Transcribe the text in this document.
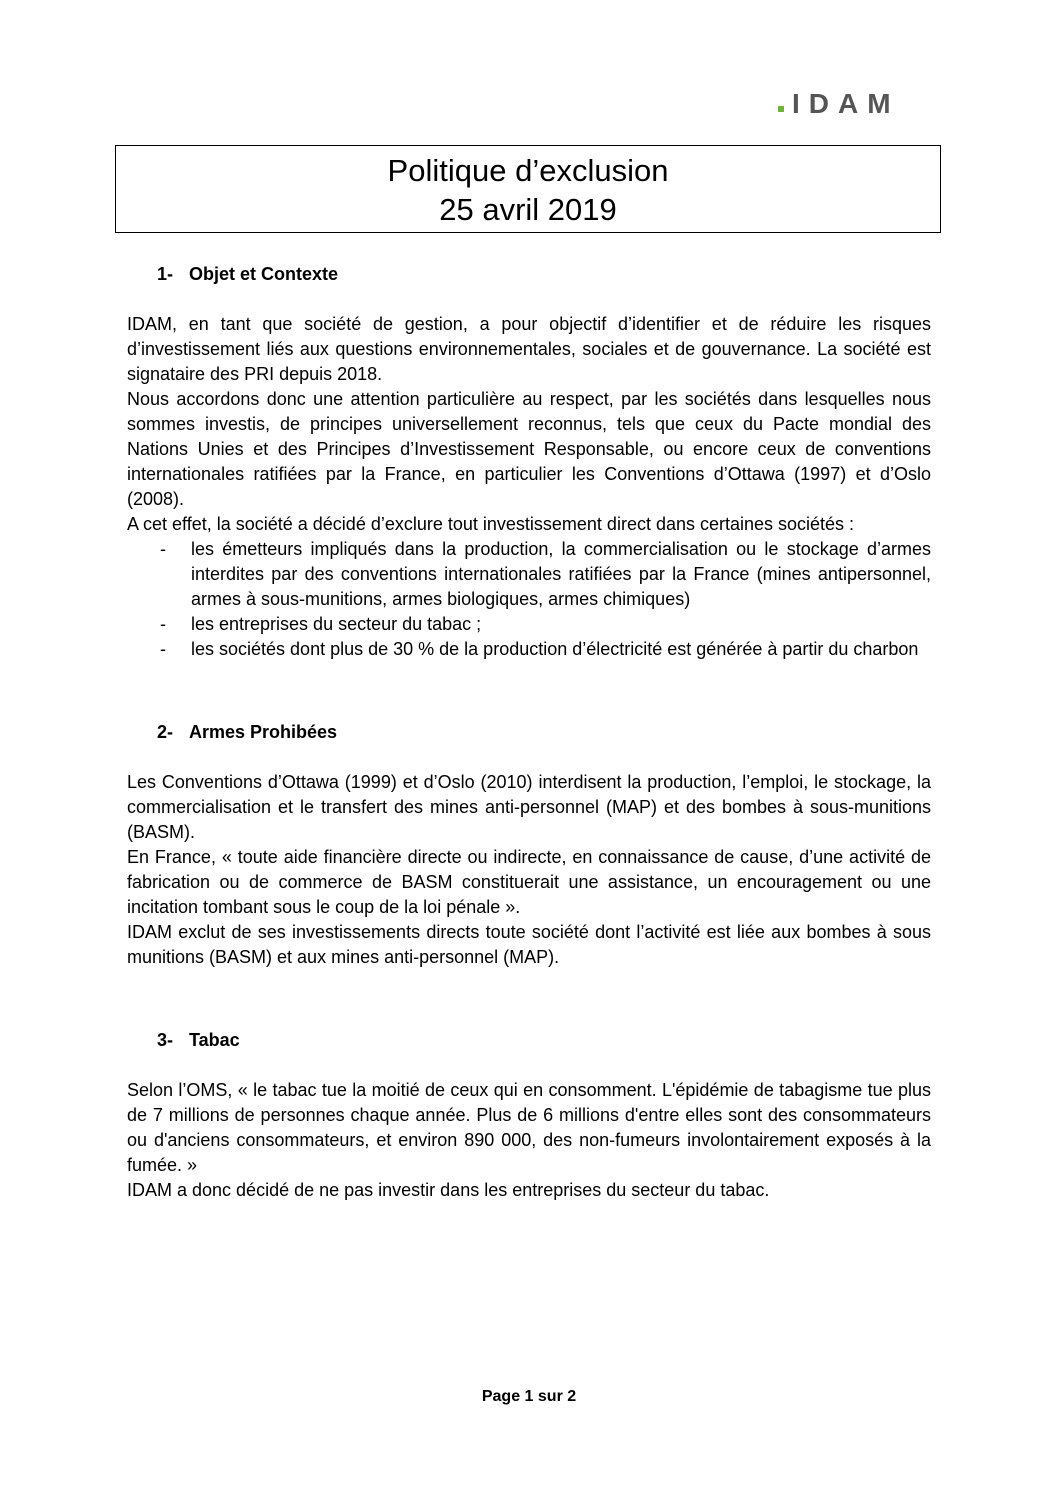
IDAM
Politique d’exclusion
25 avril 2019
1- Objet et Contexte

IDAM, en tant que société de gestion, a pour objectif d’identifier et de réduire les risques d’investissement liés aux questions environnementales, sociales et de gouvernance. La société est signataire des PRI depuis 2018.

Nous accordons donc une attention particulière au respect, par les sociétés dans lesquelles nous sommes investis, de principes universellement reconnus, tels que ceux du Pacte mondial des Nations Unies et des Principes d’Investissement Responsable, ou encore ceux de conventions internationales ratifiées par la France, en particulier les Conventions d’Ottawa (1997) et d’Oslo (2008).

A cet effet, la société a décidé d’exclure tout investissement direct dans certaines sociétés :

- les émetteurs impliqués dans la production, la commercialisation ou le stockage d’armes interdites par des conventions internationales ratifiées par la France (mines antipersonnel, armes à sous-munitions, armes biologiques, armes chimiques)
- les entreprises du secteur du tabac ;
- les sociétés dont plus de 30 % de la production d’électricité est générée à partir du charbon
2- Armes Prohibées

Les Conventions d’Ottawa (1999) et d’Oslo (2010) interdisent la production, l’emploi, le stockage, la commercialisation et le transfert des mines anti-personnel (MAP) et des bombes à sous-munitions (BASM).

En France, « toute aide financière directe ou indirecte, en connaissance de cause, d’une activité de fabrication ou de commerce de BASM constituerait une assistance, un encouragement ou une incitation tombant sous le coup de la loi pénale ».

IDAM exclut de ses investissements directs toute société dont l’activité est liée aux bombes à sous munitions (BASM) et aux mines anti-personnel (MAP).

3- Tabac

Selon l’OMS, « le tabac tue la moitié de ceux qui en consomment. L'épidémie de tabagisme tue plus de 7 millions de personnes chaque année. Plus de 6 millions d'entre elles sont des consommateurs ou d'anciens consommateurs, et environ 890 000, des non-fumeurs involontairement exposés à la fumée. »

IDAM a donc décidé de ne pas investir dans les entreprises du secteur du tabac.

Page 1 sur 2
